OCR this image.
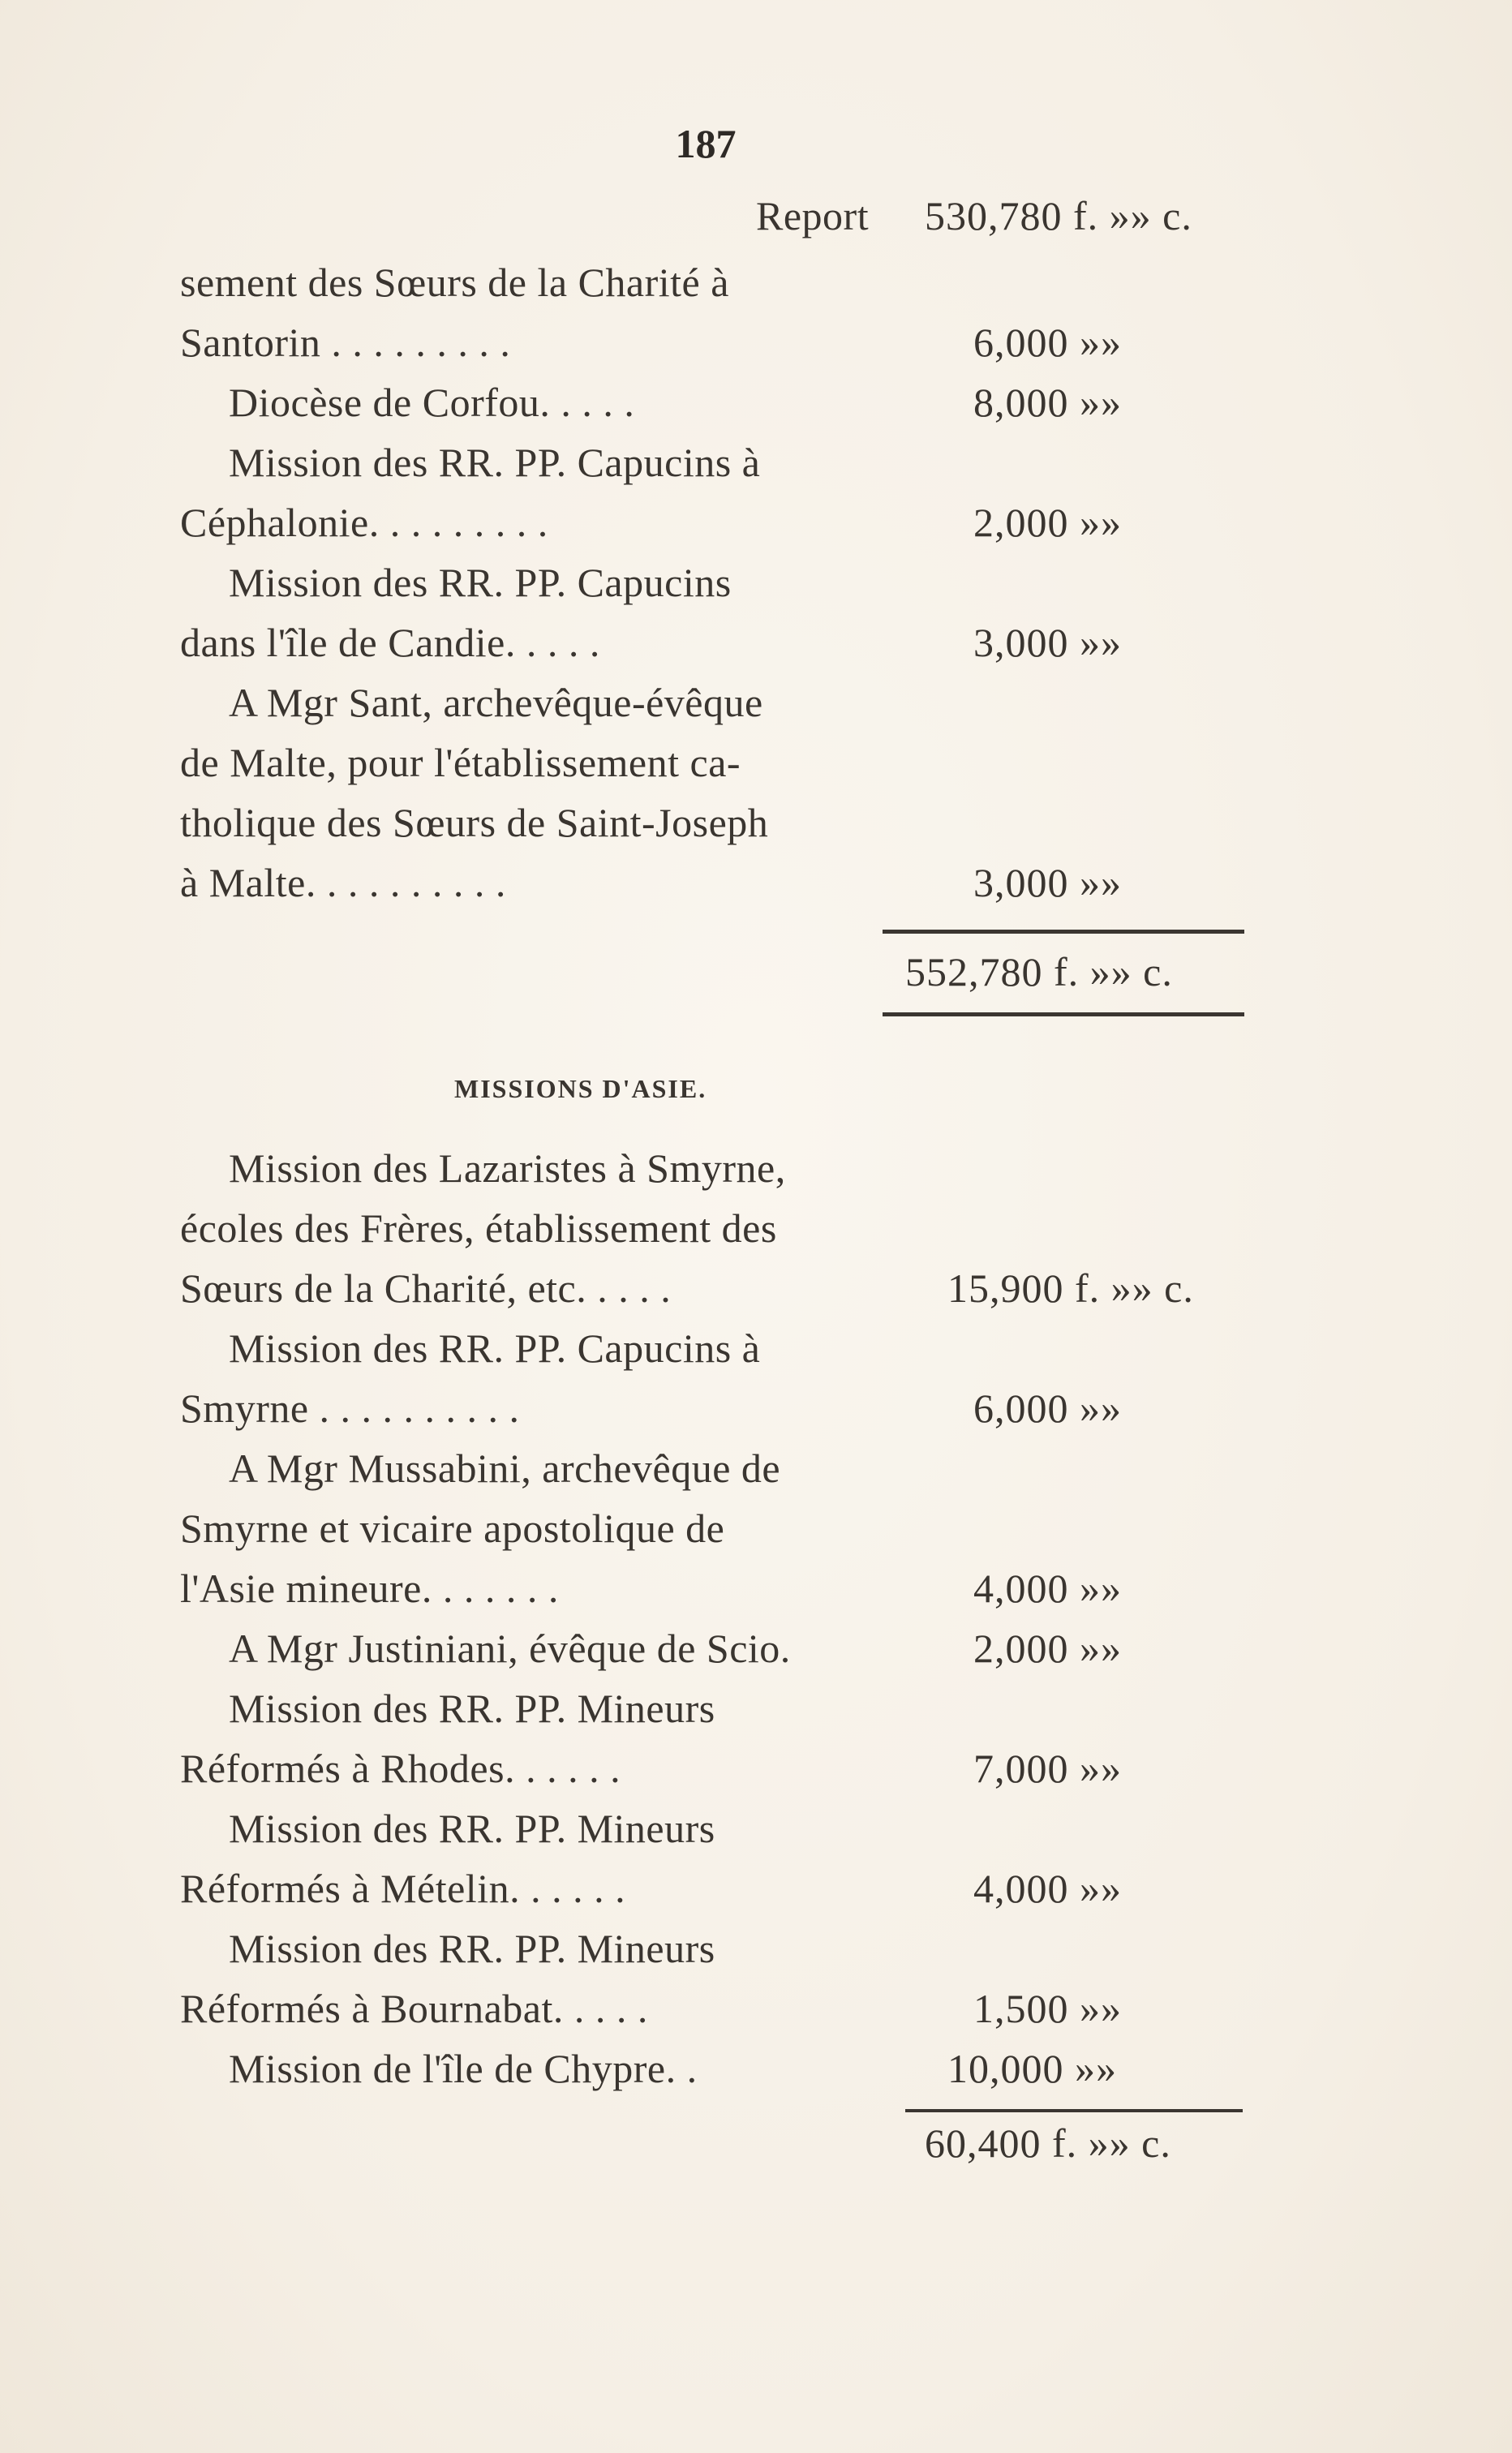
187
Report 530,780 f. »» c.
sement des Sœurs de la Charité à
Santorin . . . . . . . . .	6,000 »»
Diocèse de Corfou. . . . .	8,000 »»
Mission des RR. PP. Capucins à
Céphalonie. . . . . . . . .	2,000 »»
Mission des RR. PP. Capucins
dans l'île de Candie. . . . .	3,000 »»
A Mgr Sant, archevêque-évêque
de Malte, pour l'établissement ca-
tholique des Sœurs de Saint-Joseph
à Malte. . . . . . . . . .	3,000 »»
552,780 f. »» c.
MISSIONS D'ASIE.
Mission des Lazaristes à Smyrne,
écoles des Frères, établissement des
Sœurs de la Charité, etc. . . . .	15,900 f. »» c.
Mission des RR. PP. Capucins à
Smyrne . . . . . . . . . .	6,000 »»
A Mgr Mussabini, archevêque de
Smyrne et vicaire apostolique de
l'Asie mineure. . . . . . .	4,000 »»
A Mgr Justiniani, évêque de Scio.	2,000 »»
Mission des RR. PP. Mineurs
Réformés à Rhodes. . . . . .	7,000 »»
Mission des RR. PP. Mineurs
Réformés à Mételin. . . . . .	4,000 »»
Mission des RR. PP. Mineurs
Réformés à Bournabat. . . . .	1,500 »»
Mission de l'île de Chypre. .	10,000 »»
60,400 f. »» c.
